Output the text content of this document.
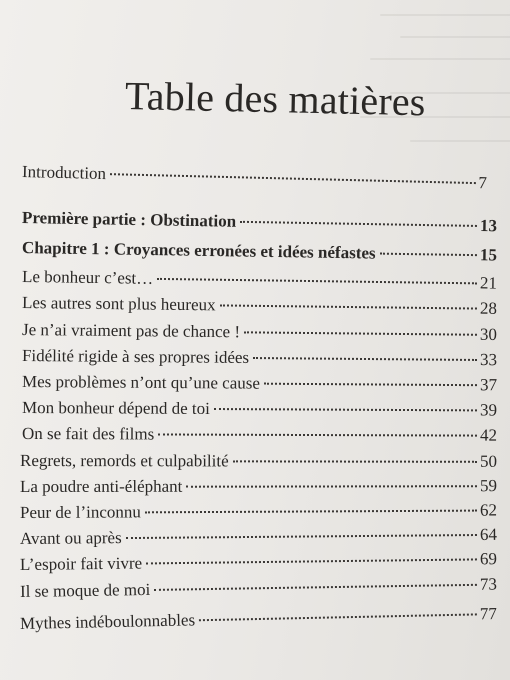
Table des matières
Introduction	7
Première partie : Obstination	13
Chapitre 1 : Croyances erronées et idées néfastes	15
Le bonheur c’est…	21
Les autres sont plus heureux	28
Je n’ai vraiment pas de chance !	30
Fidélité rigide à ses propres idées	33
Mes problèmes n’ont qu’une cause	37
Mon bonheur dépend de toi	39
On se fait des films	42
Regrets, remords et culpabilité	50
La poudre anti-éléphant	59
Peur de l’inconnu	62
Avant ou après	64
L’espoir fait vivre	69
Il se moque de moi	73
Mythes indéboulonnables	77
